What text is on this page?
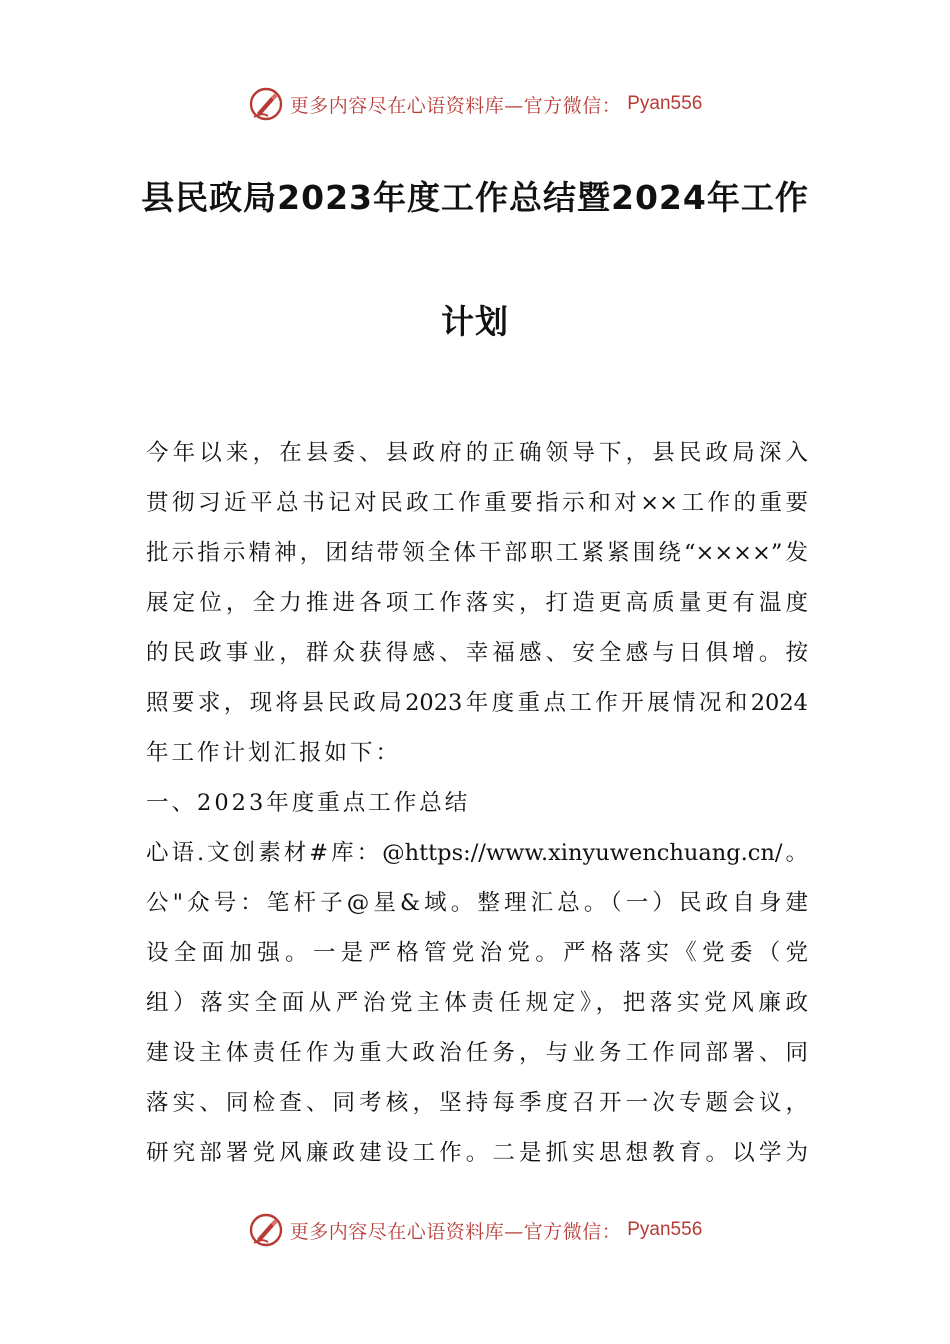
更多内容尽在心语资料库—官方微信： Pyan556
县民政局2023年度工作总结暨2024年工作
计划
今年以来，在县委、县政府的正确领导下，县民政局深入
贯彻习近平总书记对民政工作重要指示和对××工作的重要
批示指示精神，团结带领全体干部职工紧紧围绕“××××”发
展定位，全力推进各项工作落实，打造更高质量更有温度
的民政事业，群众获得感、幸福感、安全感与日俱增。按
照要求，现将县民政局2023年度重点工作开展情况和2024
年工作计划汇报如下：
一、2023年度重点工作总结
心语.文创素材#库：@https://www.xinyuwenchuang.cn/。
公"众号：笔杆子@星&域。整理汇总。（一）民政自身建
设全面加强。一是严格管党治党。严格落实《党委（党
组）落实全面从严治党主体责任规定》，把落实党风廉政
建设主体责任作为重大政治任务，与业务工作同部署、同
落实、同检查、同考核，坚持每季度召开一次专题会议，
研究部署党风廉政建设工作。二是抓实思想教育。以学为
更多内容尽在心语资料库—官方微信： Pyan556
